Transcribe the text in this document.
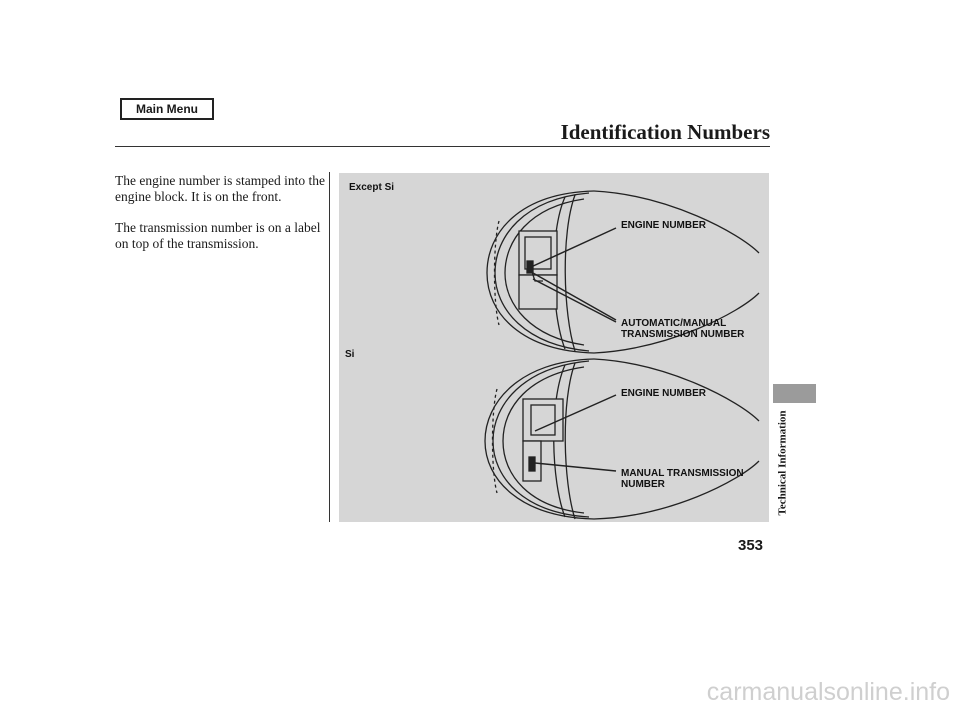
Main Menu
Identification Numbers

The engine number is stamped into the engine block. It is on the front.

The transmission number is on a label on top of the transmission.

Except Si
ENGINE NUMBER
AUTOMATIC/MANUAL
TRANSMISSION NUMBER
Si
ENGINE NUMBER
MANUAL TRANSMISSION
NUMBER	Technical Information
353
carmanualsonline.info
